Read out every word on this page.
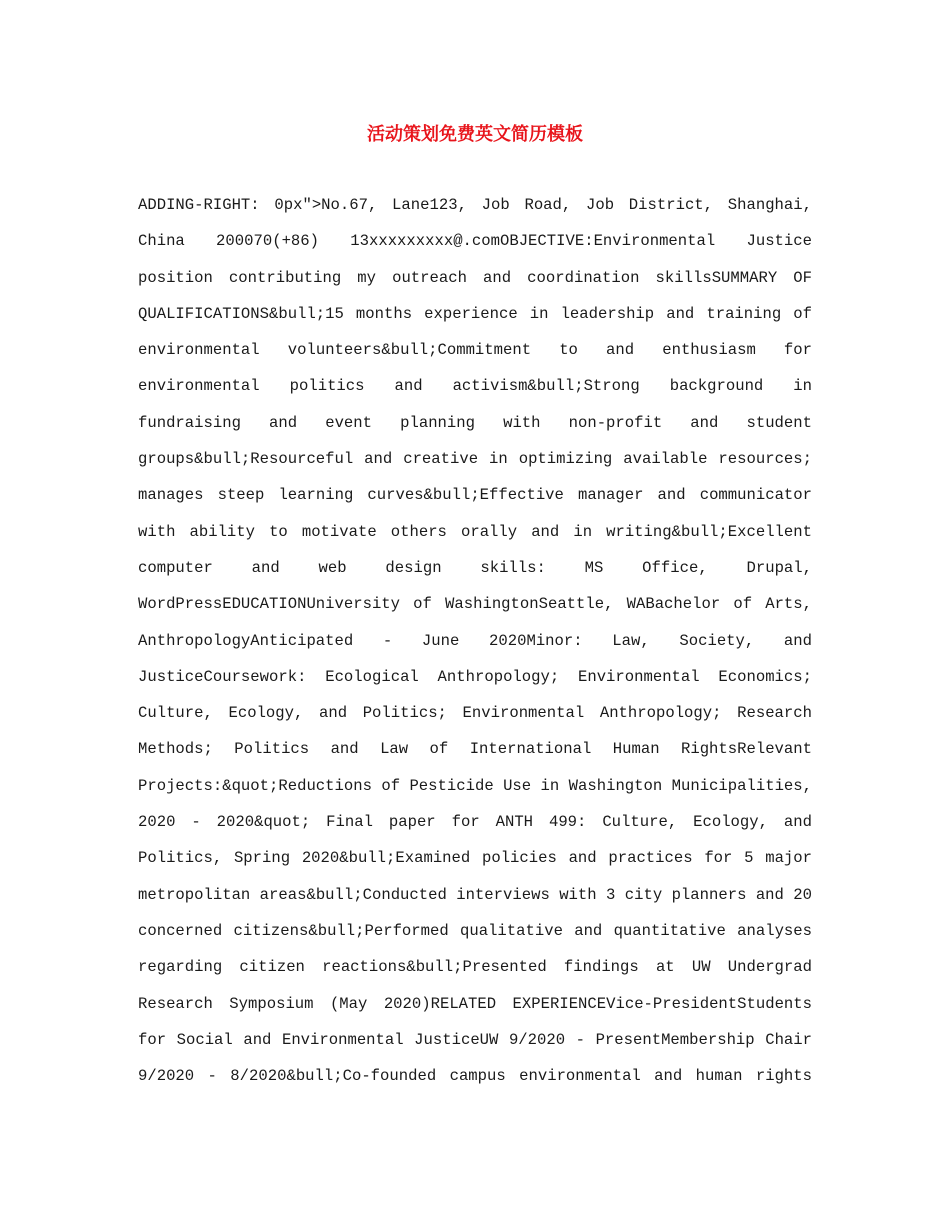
活动策划免费英文简历模板
ADDING-RIGHT: 0px">No.67, Lane123, Job Road, Job District, Shanghai,
China 200070(+86) 13xxxxxxxxx@.comOBJECTIVE:Environmental Justice
position contributing my outreach and coordination skillsSUMMARY OF
QUALIFICATIONS&bull;15 months experience in leadership and training of
environmental volunteers&bull;Commitment to and enthusiasm for
environmental politics and activism&bull;Strong background in
fundraising and event planning with non-profit and student
groups&bull;Resourceful and creative in optimizing available resources;
manages steep learning curves&bull;Effective manager and communicator
with ability to motivate others orally and in writing&bull;Excellent
computer and web design skills: MS Office, Drupal,
WordPressEDUCATIONUniversity of WashingtonSeattle, WABachelor of Arts,
AnthropologyAnticipated - June 2020Minor: Law, Society, and
JusticeCoursework: Ecological Anthropology; Environmental Economics;
Culture, Ecology, and Politics; Environmental Anthropology; Research
Methods; Politics and Law of International Human RightsRelevant
Projects:&quot;Reductions of Pesticide Use in Washington Municipalities,
2020 - 2020&quot; Final paper for ANTH 499: Culture, Ecology, and
Politics, Spring 2020&bull;Examined policies and practices for 5 major
metropolitan areas&bull;Conducted interviews with 3 city planners and 20
concerned citizens&bull;Performed qualitative and quantitative analyses
regarding citizen reactions&bull;Presented findings at UW Undergrad
Research Symposium (May 2020)RELATED EXPERIENCEVice-PresidentStudents
for Social and Environmental JusticeUW 9/2020 - PresentMembership Chair
9/2020 - 8/2020&bull;Co-founded campus environmental and human rights
